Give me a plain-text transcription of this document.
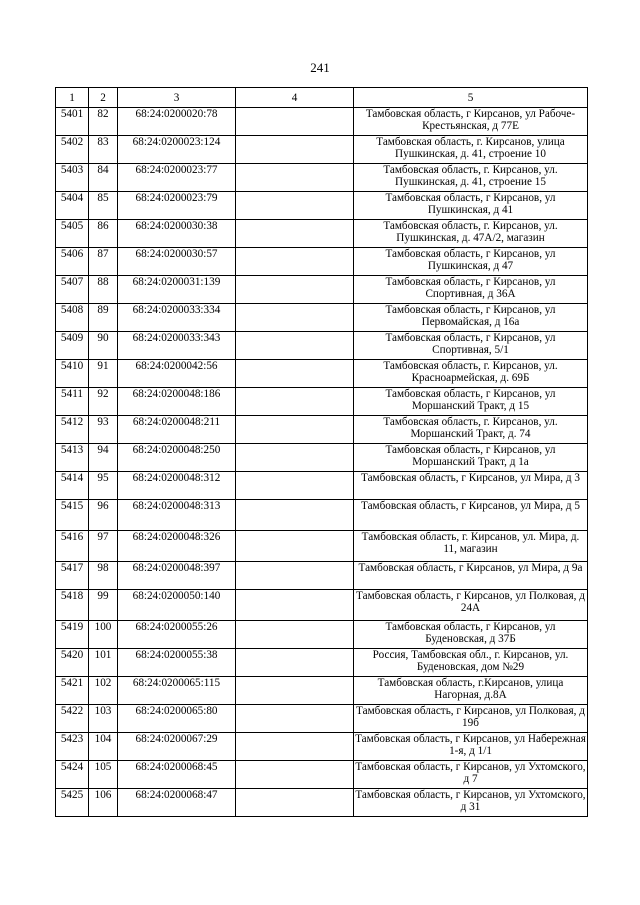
241
1	2	3	4	5
5401	82	68:24:0200020:78		Тамбовская область, г Кирсанов, ул Рабоче-Крестьянская, д 77Е
5402	83	68:24:0200023:124		Тамбовская область, г. Кирсанов, улица Пушкинская, д. 41, строение 10
5403	84	68:24:0200023:77		Тамбовская область, г. Кирсанов, ул. Пушкинская, д. 41, строение 15
5404	85	68:24:0200023:79		Тамбовская область, г Кирсанов, ул Пушкинская, д 41
5405	86	68:24:0200030:38		Тамбовская область, г. Кирсанов, ул. Пушкинская, д. 47А/2, магазин
5406	87	68:24:0200030:57		Тамбовская область, г Кирсанов, ул Пушкинская, д 47
5407	88	68:24:0200031:139		Тамбовская область, г Кирсанов, ул Спортивная, д 36А
5408	89	68:24:0200033:334		Тамбовская область, г Кирсанов, ул Первомайская, д 16а
5409	90	68:24:0200033:343		Тамбовская область, г Кирсанов, ул Спортивная, 5/1
5410	91	68:24:0200042:56		Тамбовская область, г. Кирсанов, ул. Красноармейская, д. 69Б
5411	92	68:24:0200048:186		Тамбовская область, г Кирсанов, ул Моршанский Тракт, д 15
5412	93	68:24:0200048:211		Тамбовская область, г. Кирсанов, ул. Моршанский Тракт, д. 74
5413	94	68:24:0200048:250		Тамбовская область, г Кирсанов, ул Моршанский Тракт, д 1а
5414	95	68:24:0200048:312		Тамбовская область, г Кирсанов, ул Мира, д 3
5415	96	68:24:0200048:313		Тамбовская область, г Кирсанов, ул Мира, д 5
5416	97	68:24:0200048:326		Тамбовская область, г. Кирсанов, ул. Мира, д. 11, магазин
5417	98	68:24:0200048:397		Тамбовская область, г Кирсанов, ул Мира, д 9а
5418	99	68:24:0200050:140		Тамбовская область, г Кирсанов, ул Полковая, д 24А
5419	100	68:24:0200055:26		Тамбовская область, г Кирсанов, ул Буденовская, д 37Б
5420	101	68:24:0200055:38		Россия, Тамбовская обл., г. Кирсанов, ул. Буденовская, дом №29
5421	102	68:24:0200065:115		Тамбовская область, г.Кирсанов, улица Нагорная, д.8А
5422	103	68:24:0200065:80		Тамбовская область, г Кирсанов, ул Полковая, д 19б
5423	104	68:24:0200067:29		Тамбовская область, г Кирсанов, ул Набережная 1-я, д 1/1
5424	105	68:24:0200068:45		Тамбовская область, г Кирсанов, ул Ухтомского, д 7
5425	106	68:24:0200068:47		Тамбовская область, г Кирсанов, ул Ухтомского, д 31
